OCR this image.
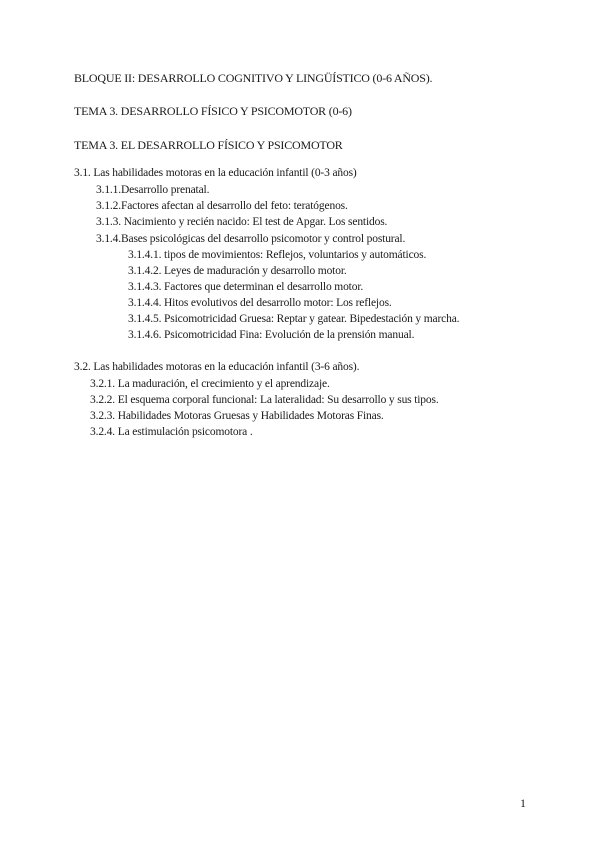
BLOQUE II: DESARROLLO COGNITIVO Y LINGÜÍSTICO (0-6 AÑOS).
TEMA 3. DESARROLLO FÍSICO Y PSICOMOTOR (0-6)
TEMA 3. EL DESARROLLO FÍSICO Y PSICOMOTOR
3.1. Las habilidades motoras en la educación infantil (0-3 años)
3.1.1.Desarrollo prenatal.
3.1.2.Factores afectan al desarrollo del feto: teratógenos.
3.1.3. Nacimiento y recién nacido: El test de Apgar. Los sentidos.
3.1.4.Bases psicológicas del desarrollo psicomotor y control postural.
3.1.4.1. tipos de movimientos: Reflejos, voluntarios y automáticos.
3.1.4.2. Leyes de maduración y desarrollo motor.
3.1.4.3. Factores que determinan el desarrollo motor.
3.1.4.4. Hitos evolutivos del desarrollo motor: Los reflejos.
3.1.4.5. Psicomotricidad Gruesa: Reptar y gatear. Bipedestación y marcha.
3.1.4.6. Psicomotricidad Fina: Evolución de la prensión manual.
3.2. Las habilidades motoras en la educación infantil (3-6 años).
3.2.1. La maduración, el crecimiento y el aprendizaje.
3.2.2. El esquema corporal funcional: La lateralidad: Su desarrollo y sus tipos.
3.2.3. Habilidades Motoras Gruesas y Habilidades Motoras Finas.
3.2.4. La estimulación psicomotora .
1
